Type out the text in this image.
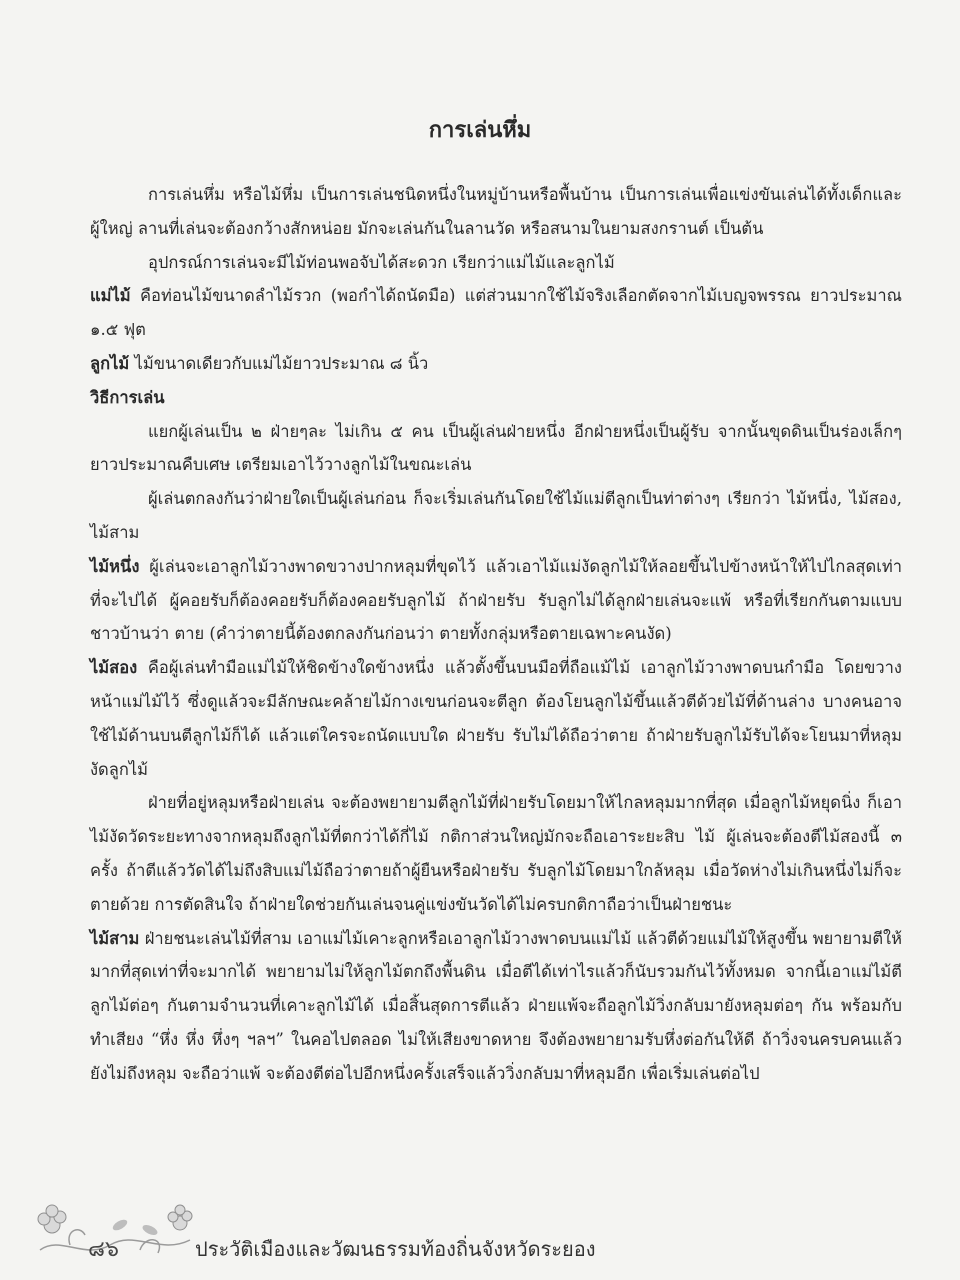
การเล่นหึ่ม

การเล่นหึ่ม หรือไม้หึ่ม เป็นการเล่นชนิดหนึ่งในหมู่บ้านหรือพื้นบ้าน เป็นการเล่นเพื่อแข่งขันเล่นได้ทั้งเด็กและผู้ใหญ่ ลานที่เล่นจะต้องกว้างสักหน่อย มักจะเล่นกันในลานวัด หรือสนามในยามสงกรานต์ เป็นต้น

อุปกรณ์การเล่นจะมีไม้ท่อนพอจับได้สะดวก เรียกว่าแม่ไม้และลูกไม้

แม่ไม้ คือท่อนไม้ขนาดลำไม้รวก (พอกำได้ถนัดมือ) แต่ส่วนมากใช้ไม้จริงเลือกตัดจากไม้เบญจพรรณ ยาวประมาณ ๑.๕ ฟุต

ลูกไม้ ไม้ขนาดเดียวกับแม่ไม้ยาวประมาณ ๘ นิ้ว

วิธีการเล่น

แยกผู้เล่นเป็น ๒ ฝ่ายๆละ ไม่เกิน ๕ คน เป็นผู้เล่นฝ่ายหนึ่ง อีกฝ่ายหนึ่งเป็นผู้รับ จากนั้นขุดดินเป็นร่องเล็กๆ ยาวประมาณคืบเศษ เตรียมเอาไว้วางลูกไม้ในขณะเล่น

ผู้เล่นตกลงกันว่าฝ่ายใดเป็นผู้เล่นก่อน ก็จะเริ่มเล่นกันโดยใช้ไม้แม่ตีลูกเป็นท่าต่างๆ เรียกว่า ไม้หนึ่ง, ไม้สอง, ไม้สาม

ไม้หนึ่ง ผู้เล่นจะเอาลูกไม้วางพาดขวางปากหลุมที่ขุดไว้ แล้วเอาไม้แม่งัดลูกไม้ให้ลอยขึ้นไปข้างหน้าให้ไปไกลสุดเท่าที่จะไปได้ ผู้คอยรับก็ต้องคอยรับก็ต้องคอยรับลูกไม้ ถ้าฝ่ายรับ รับลูกไม่ได้ลูกฝ่ายเล่นจะแพ้ หรือที่เรียกกันตามแบบชาวบ้านว่า ตาย (คำว่าตายนี้ต้องตกลงกันก่อนว่า ตายทั้งกลุ่มหรือตายเฉพาะคนงัด)

ไม้สอง คือผู้เล่นทำมือแม่ไม้ให้ชิดข้างใดข้างหนึ่ง แล้วตั้งขึ้นบนมือที่ถือแม้ไม้ เอาลูกไม้วางพาดบนกำมือ โดยขวางหน้าแม่ไม้ไว้ ซึ่งดูแล้วจะมีลักษณะคล้ายไม้กางเขนก่อนจะตีลูก ต้องโยนลูกไม้ขึ้นแล้วตีด้วยไม้ที่ด้านล่าง บางคนอาจใช้ไม้ด้านบนตีลูกไม้ก็ได้ แล้วแต่ใครจะถนัดแบบใด ฝ่ายรับ รับไม่ได้ถือว่าตาย ถ้าฝ่ายรับลูกไม้รับได้จะโยนมาที่หลุมงัดลูกไม้

ฝ่ายที่อยู่หลุมหรือฝ่ายเล่น จะต้องพยายามตีลูกไม้ที่ฝ่ายรับโดยมาให้ไกลหลุมมากที่สุด เมื่อลูกไม้หยุดนิ่ง ก็เอาไม้งัดวัดระยะทางจากหลุมถึงลูกไม้ที่ตกว่าได้กี่ไม้ กติกาส่วนใหญ่มักจะถือเอาระยะสิบ ไม้ ผู้เล่นจะต้องตีไม้สองนี้ ๓ ครั้ง ถ้าตีแล้ววัดได้ไม่ถึงสิบแม่ไม้ถือว่าตายถ้าผู้ยืนหรือฝ่ายรับ รับลูกไม้โดยมาใกล้หลุม เมื่อวัดห่างไม่เกินหนึ่งไม่ก็จะตายด้วย การตัดสินใจ ถ้าฝ่ายใดช่วยกันเล่นจนคู่แข่งขันวัดได้ไม่ครบกติกาถือว่าเป็นฝ่ายชนะ

ไม้สาม ฝ่ายชนะเล่นไม้ที่สาม เอาแม่ไม้เคาะลูกหรือเอาลูกไม้วางพาดบนแม่ไม้ แล้วตีด้วยแม่ไม้ให้สูงขึ้น พยายามตีให้มากที่สุดเท่าที่จะมากได้ พยายามไม่ให้ลูกไม้ตกถึงพื้นดิน เมื่อตีได้เท่าไรแล้วก็นับรวมกันไว้ทั้งหมด จากนี้เอาแม่ไม้ตีลูกไม้ต่อๆ กันตามจำนวนที่เคาะลูกไม้ได้ เมื่อสิ้นสุดการตีแล้ว ฝ่ายแพ้จะถือลูกไม้วิ่งกลับมายังหลุมต่อๆ กัน พร้อมกับทำเสียง “หึ่ง หึ่ง หึ่งๆ ฯลฯ” ในคอไปตลอด ไม่ให้เสียงขาดหาย จึงต้องพยายามรับหึ่งต่อกันให้ดี ถ้าวิ่งจนครบคนแล้วยังไม่ถึงหลุม จะถือว่าแพ้ จะต้องตีต่อไปอีกหนึ่งครั้งเสร็จแล้ววิ่งกลับมาที่หลุมอีก เพื่อเริ่มเล่นต่อไป

๘๖	ประวัติเมืองและวัฒนธรรมท้องถิ่นจังหวัดระยอง
